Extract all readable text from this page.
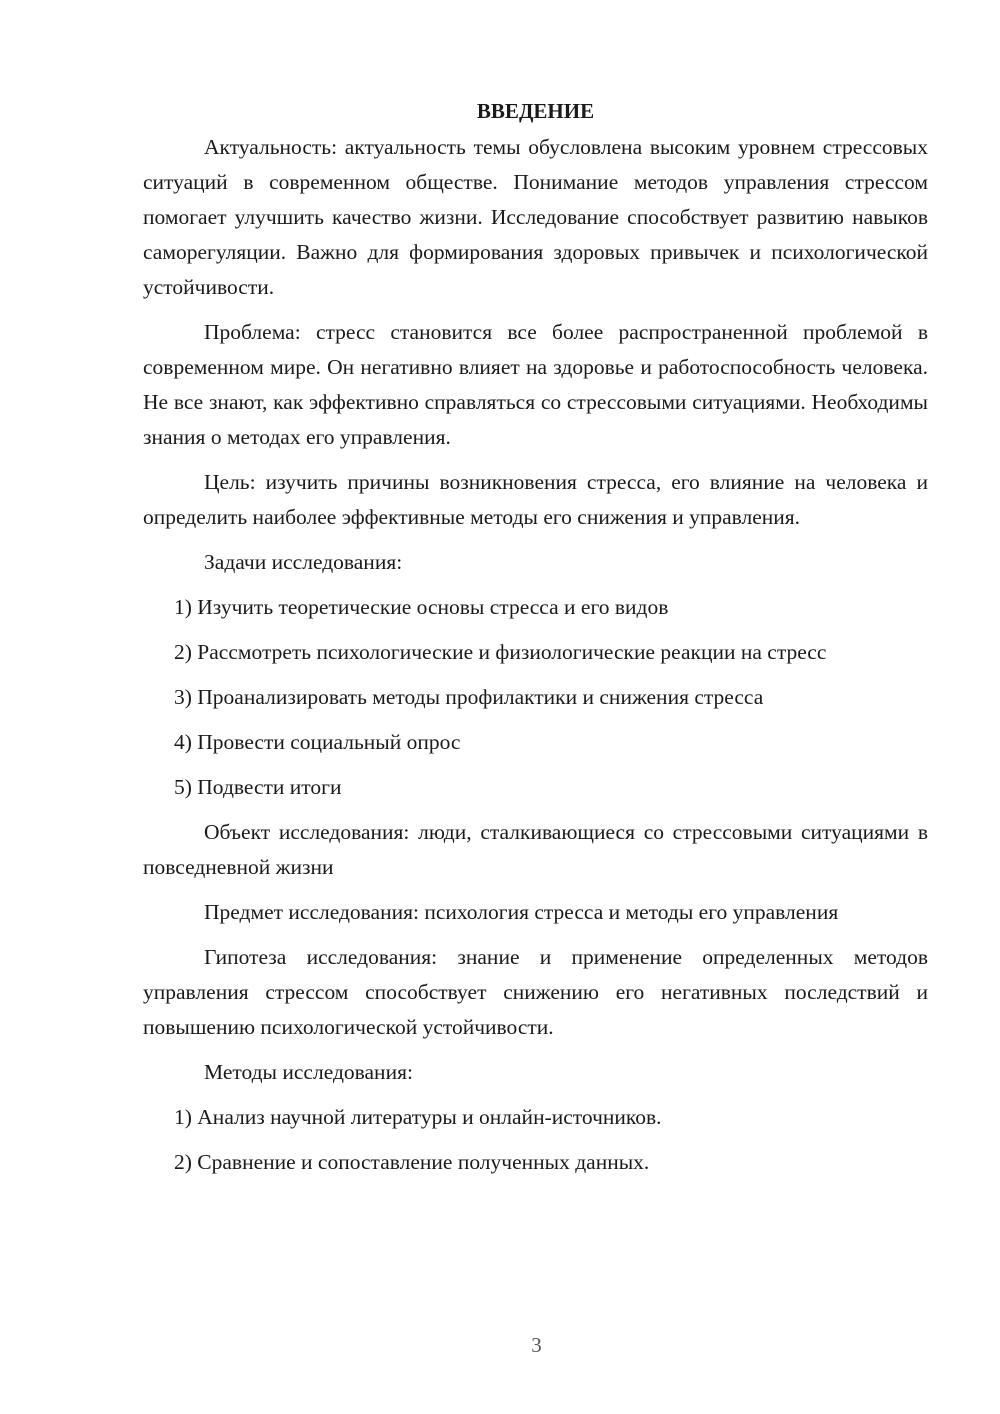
ВВЕДЕНИЕ

Актуальность: актуальность темы обусловлена высоким уровнем стрессовых ситуаций в современном обществе. Понимание методов управления стрессом помогает улучшить качество жизни. Исследование способствует развитию навыков саморегуляции. Важно для формирования здоровых привычек и психологической устойчивости.

Проблема: стресс становится все более распространенной проблемой в современном мире. Он негативно влияет на здоровье и работоспособность человека. Не все знают, как эффективно справляться со стрессовыми ситуациями. Необходимы знания о методах его управления.

Цель: изучить причины возникновения стресса, его влияние на человека и определить наиболее эффективные методы его снижения и управления.

Задачи исследования:

1) Изучить теоретические основы стресса и его видов
2) Рассмотреть психологические и физиологические реакции на стресс
3) Проанализировать методы профилактики и снижения стресса
4) Провести социальный опрос
5) Подвести итоги

Объект исследования: люди, сталкивающиеся со стрессовыми ситуациями в повседневной жизни

Предмет исследования: психология стресса и методы его управления

Гипотеза исследования: знание и применение определенных методов управления стрессом способствует снижению его негативных последствий и повышению психологической устойчивости.

Методы исследования:

1) Анализ научной литературы и онлайн-источников.
2) Сравнение и сопоставление полученных данных.
3
